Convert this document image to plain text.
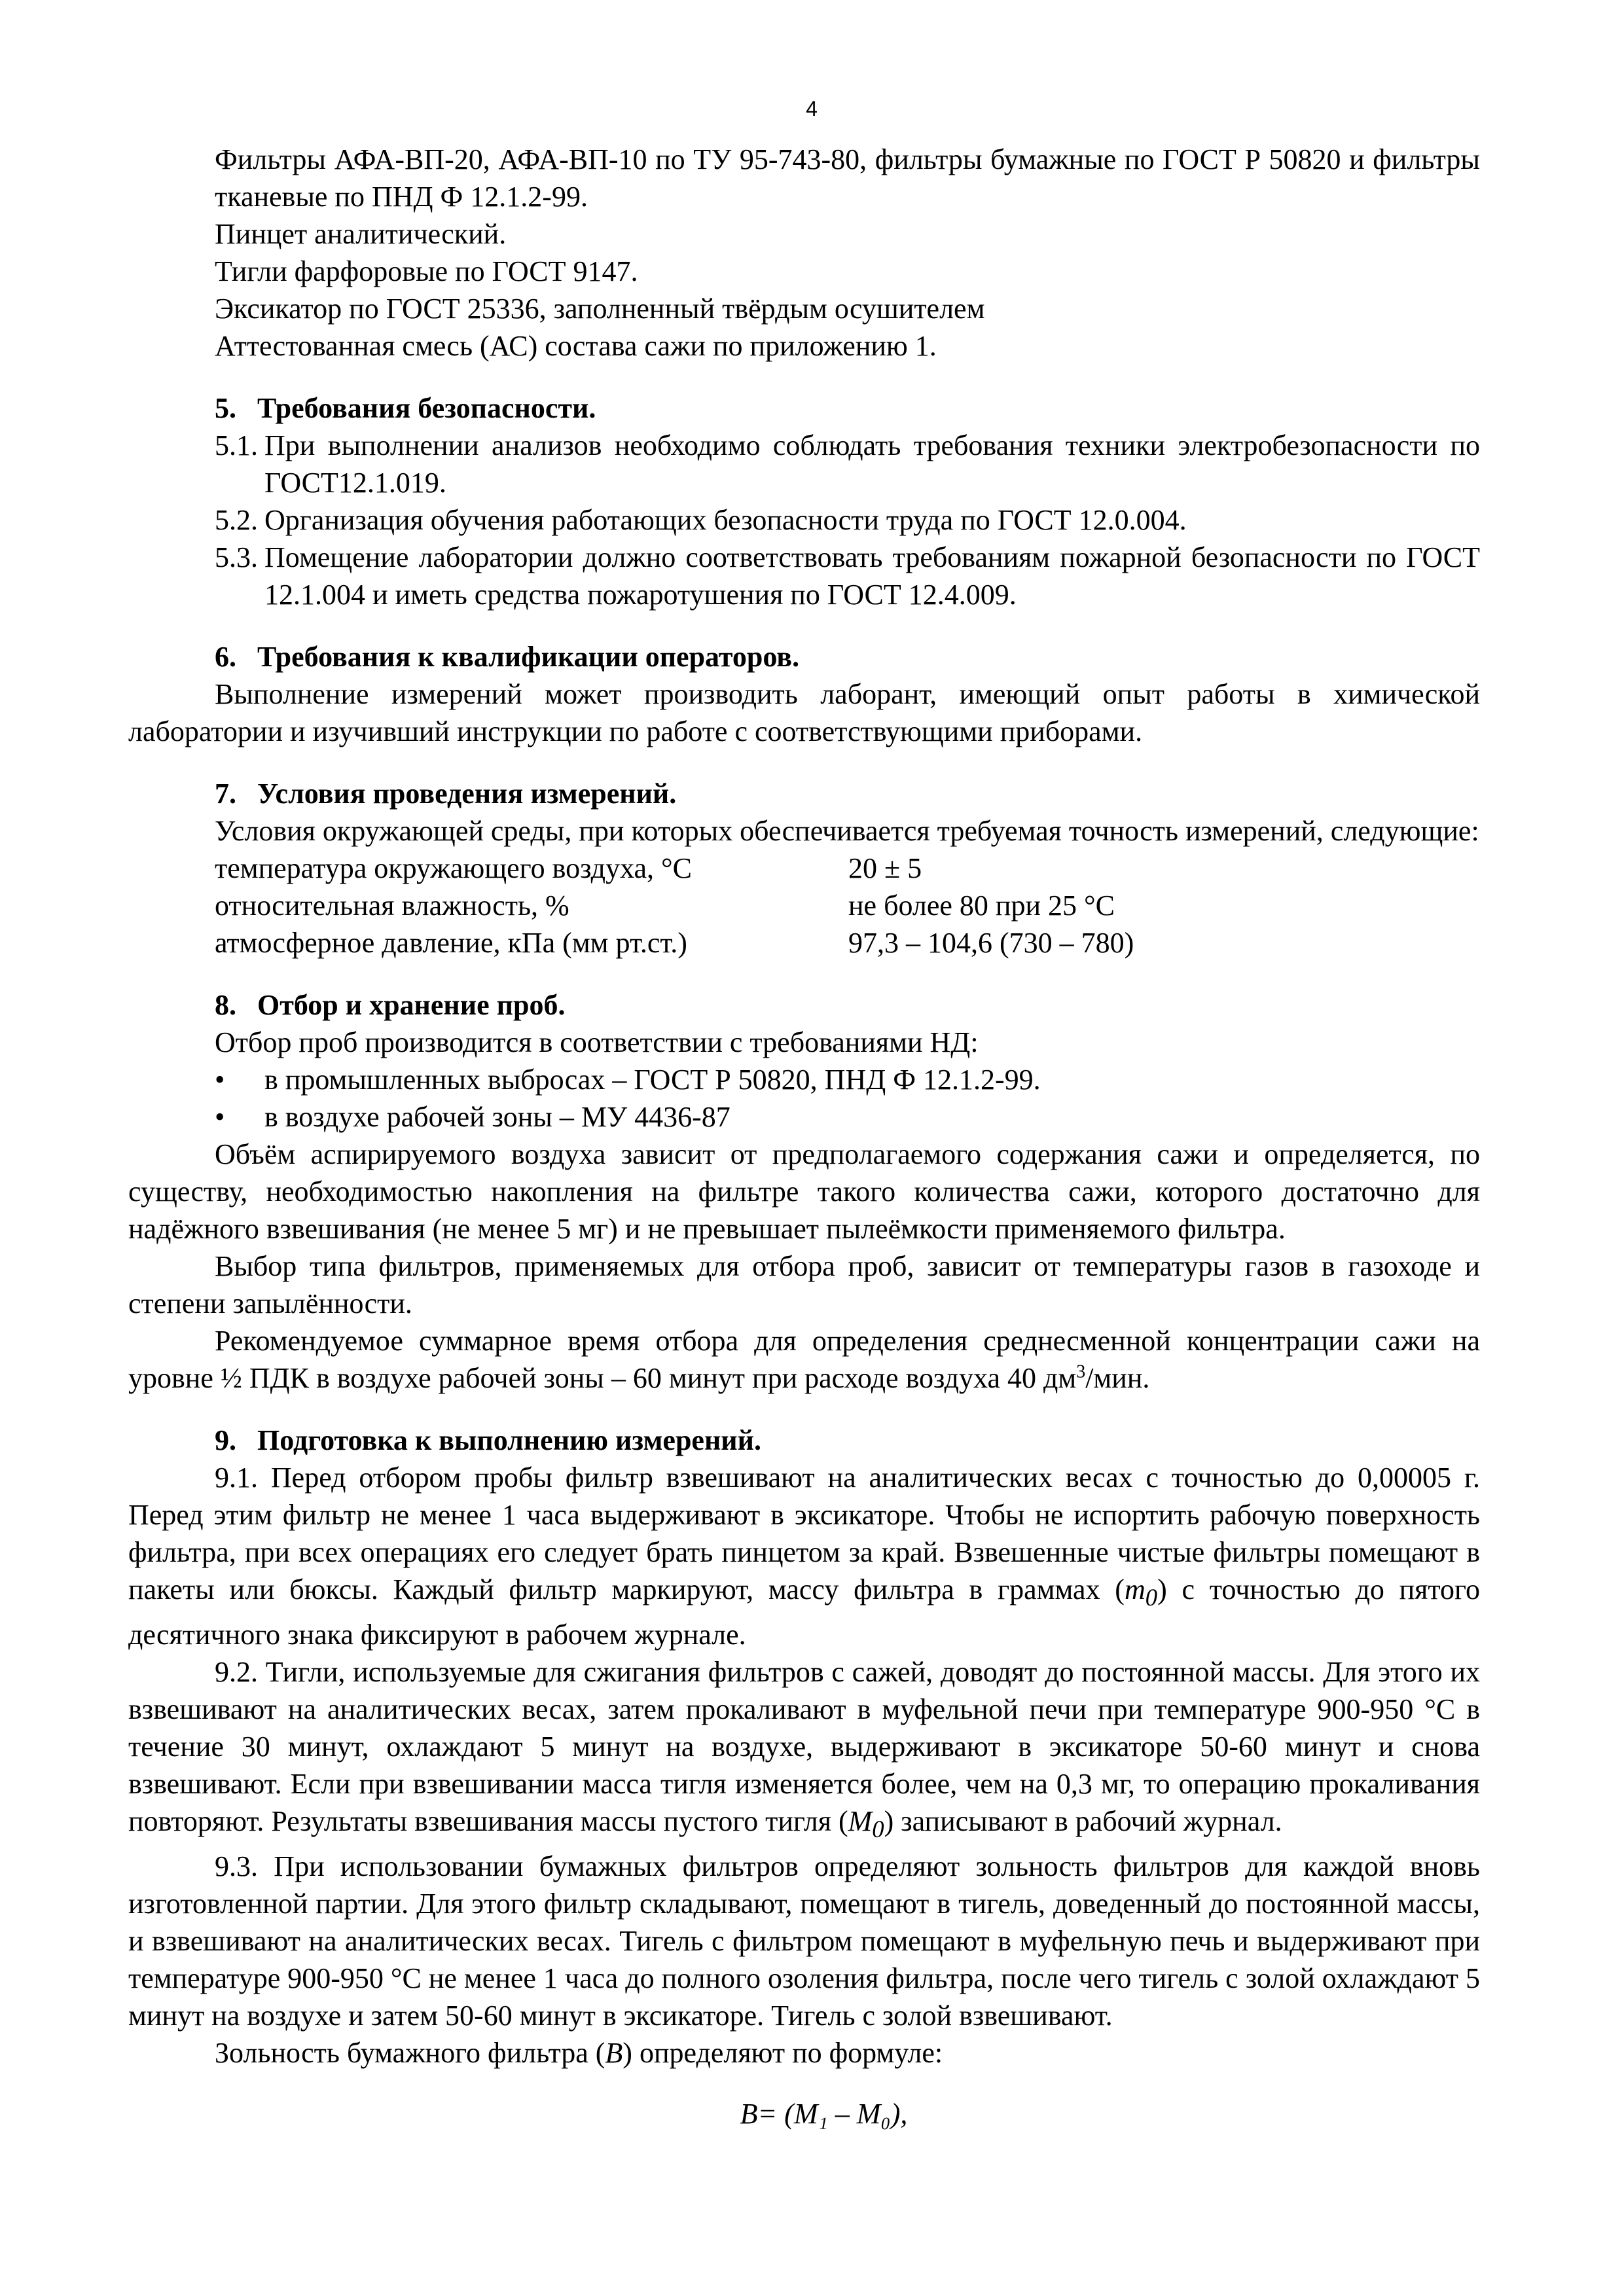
4

Фильтры АФА-ВП-20, АФА-ВП-10 по ТУ 95-743-80, фильтры бумажные по ГОСТ Р 50820 и фильтры тканевые по ПНД Ф 12.1.2-99.

Пинцет аналитический.

Тигли фарфоровые по ГОСТ 9147.

Эксикатор по ГОСТ 25336, заполненный твёрдым осушителем

Аттестованная смесь (АС) состава сажи по приложению 1.

5. Требования безопасности.
5.1. При выполнении анализов необходимо соблюдать требования техники электробезопасности по ГОСТ12.1.019.
5.2. Организация обучения работающих безопасности труда по ГОСТ 12.0.004.
5.3. Помещение лаборатории должно соответствовать требованиям пожарной безопасности по ГОСТ 12.1.004 и иметь средства пожаротушения по ГОСТ 12.4.009.
6. Требования к квалификации операторов.

Выполнение измерений может производить лаборант, имеющий опыт работы в химической лаборатории и изучивший инструкции по работе с соответствующими приборами.

7. Условия проведения измерений.

Условия окружающей среды, при которых обеспечивается требуемая точность измерений, следующие:

температура окружающего воздуха, °С	20 ± 5
относительная влажность, %	не более 80 при 25 °С
атмосферное давление, кПа (мм рт.ст.)	97,3 – 104,6 (730 – 780)
8. Отбор и хранение проб.

Отбор проб производится в соответствии с требованиями НД:

•	в промышленных выбросах – ГОСТ Р 50820, ПНД Ф 12.1.2-99.
•	в воздухе рабочей зоны – МУ 4436-87

Объём аспирируемого воздуха зависит от предполагаемого содержания сажи и определяется, по существу, необходимостью накопления на фильтре такого количества сажи, которого достаточно для надёжного взвешивания (не менее 5 мг) и не превышает пылеёмкости применяемого фильтра.

Выбор типа фильтров, применяемых для отбора проб, зависит от температуры газов в газоходе и степени запылённости.

Рекомендуемое суммарное время отбора для определения среднесменной концентрации сажи на уровне ½ ПДК в воздухе рабочей зоны – 60 минут при расходе воздуха 40 $дм^3$/мин.

9. Подготовка к выполнению измерений.

9.1. Перед отбором пробы фильтр взвешивают на аналитических весах с точностью до 0,00005 г. Перед этим фильтр не менее 1 часа выдерживают в эксикаторе. Чтобы не испортить рабочую поверхность фильтра, при всех операциях его следует брать пинцетом за край. Взвешенные чистые фильтры помещают в пакеты или бюксы. Каждый фильтр маркируют, массу фильтра в граммах $(m_0)$ с точностью до пятого десятичного знака фиксируют в рабочем журнале.

9.2. Тигли, используемые для сжигания фильтров с сажей, доводят до постоянной массы. Для этого их взвешивают на аналитических весах, затем прокаливают в муфельной печи при температуре 900-950 °С в течение 30 минут, охлаждают 5 минут на воздухе, выдерживают в эксикаторе 50-60 минут и снова взвешивают. Если при взвешивании масса тигля изменяется более, чем на 0,3 мг, то операцию прокаливания повторяют. Результаты взвешивания массы пустого тигля $(M_0)$ записывают в рабочий журнал.

9.3. При использовании бумажных фильтров определяют зольность фильтров для каждой вновь изготовленной партии. Для этого фильтр складывают, помещают в тигель, доведенный до постоянной массы, и взвешивают на аналитических весах. Тигель с фильтром помещают в муфельную печь и выдерживают при температуре 900-950 °С не менее 1 часа до полного озоления фильтра, после чего тигель с золой охлаждают 5 минут на воздухе и затем 50-60 минут в эксикаторе. Тигель с золой взвешивают.

Зольность бумажного фильтра (B) определяют по формуле:

B= (M₁ – M₀),
